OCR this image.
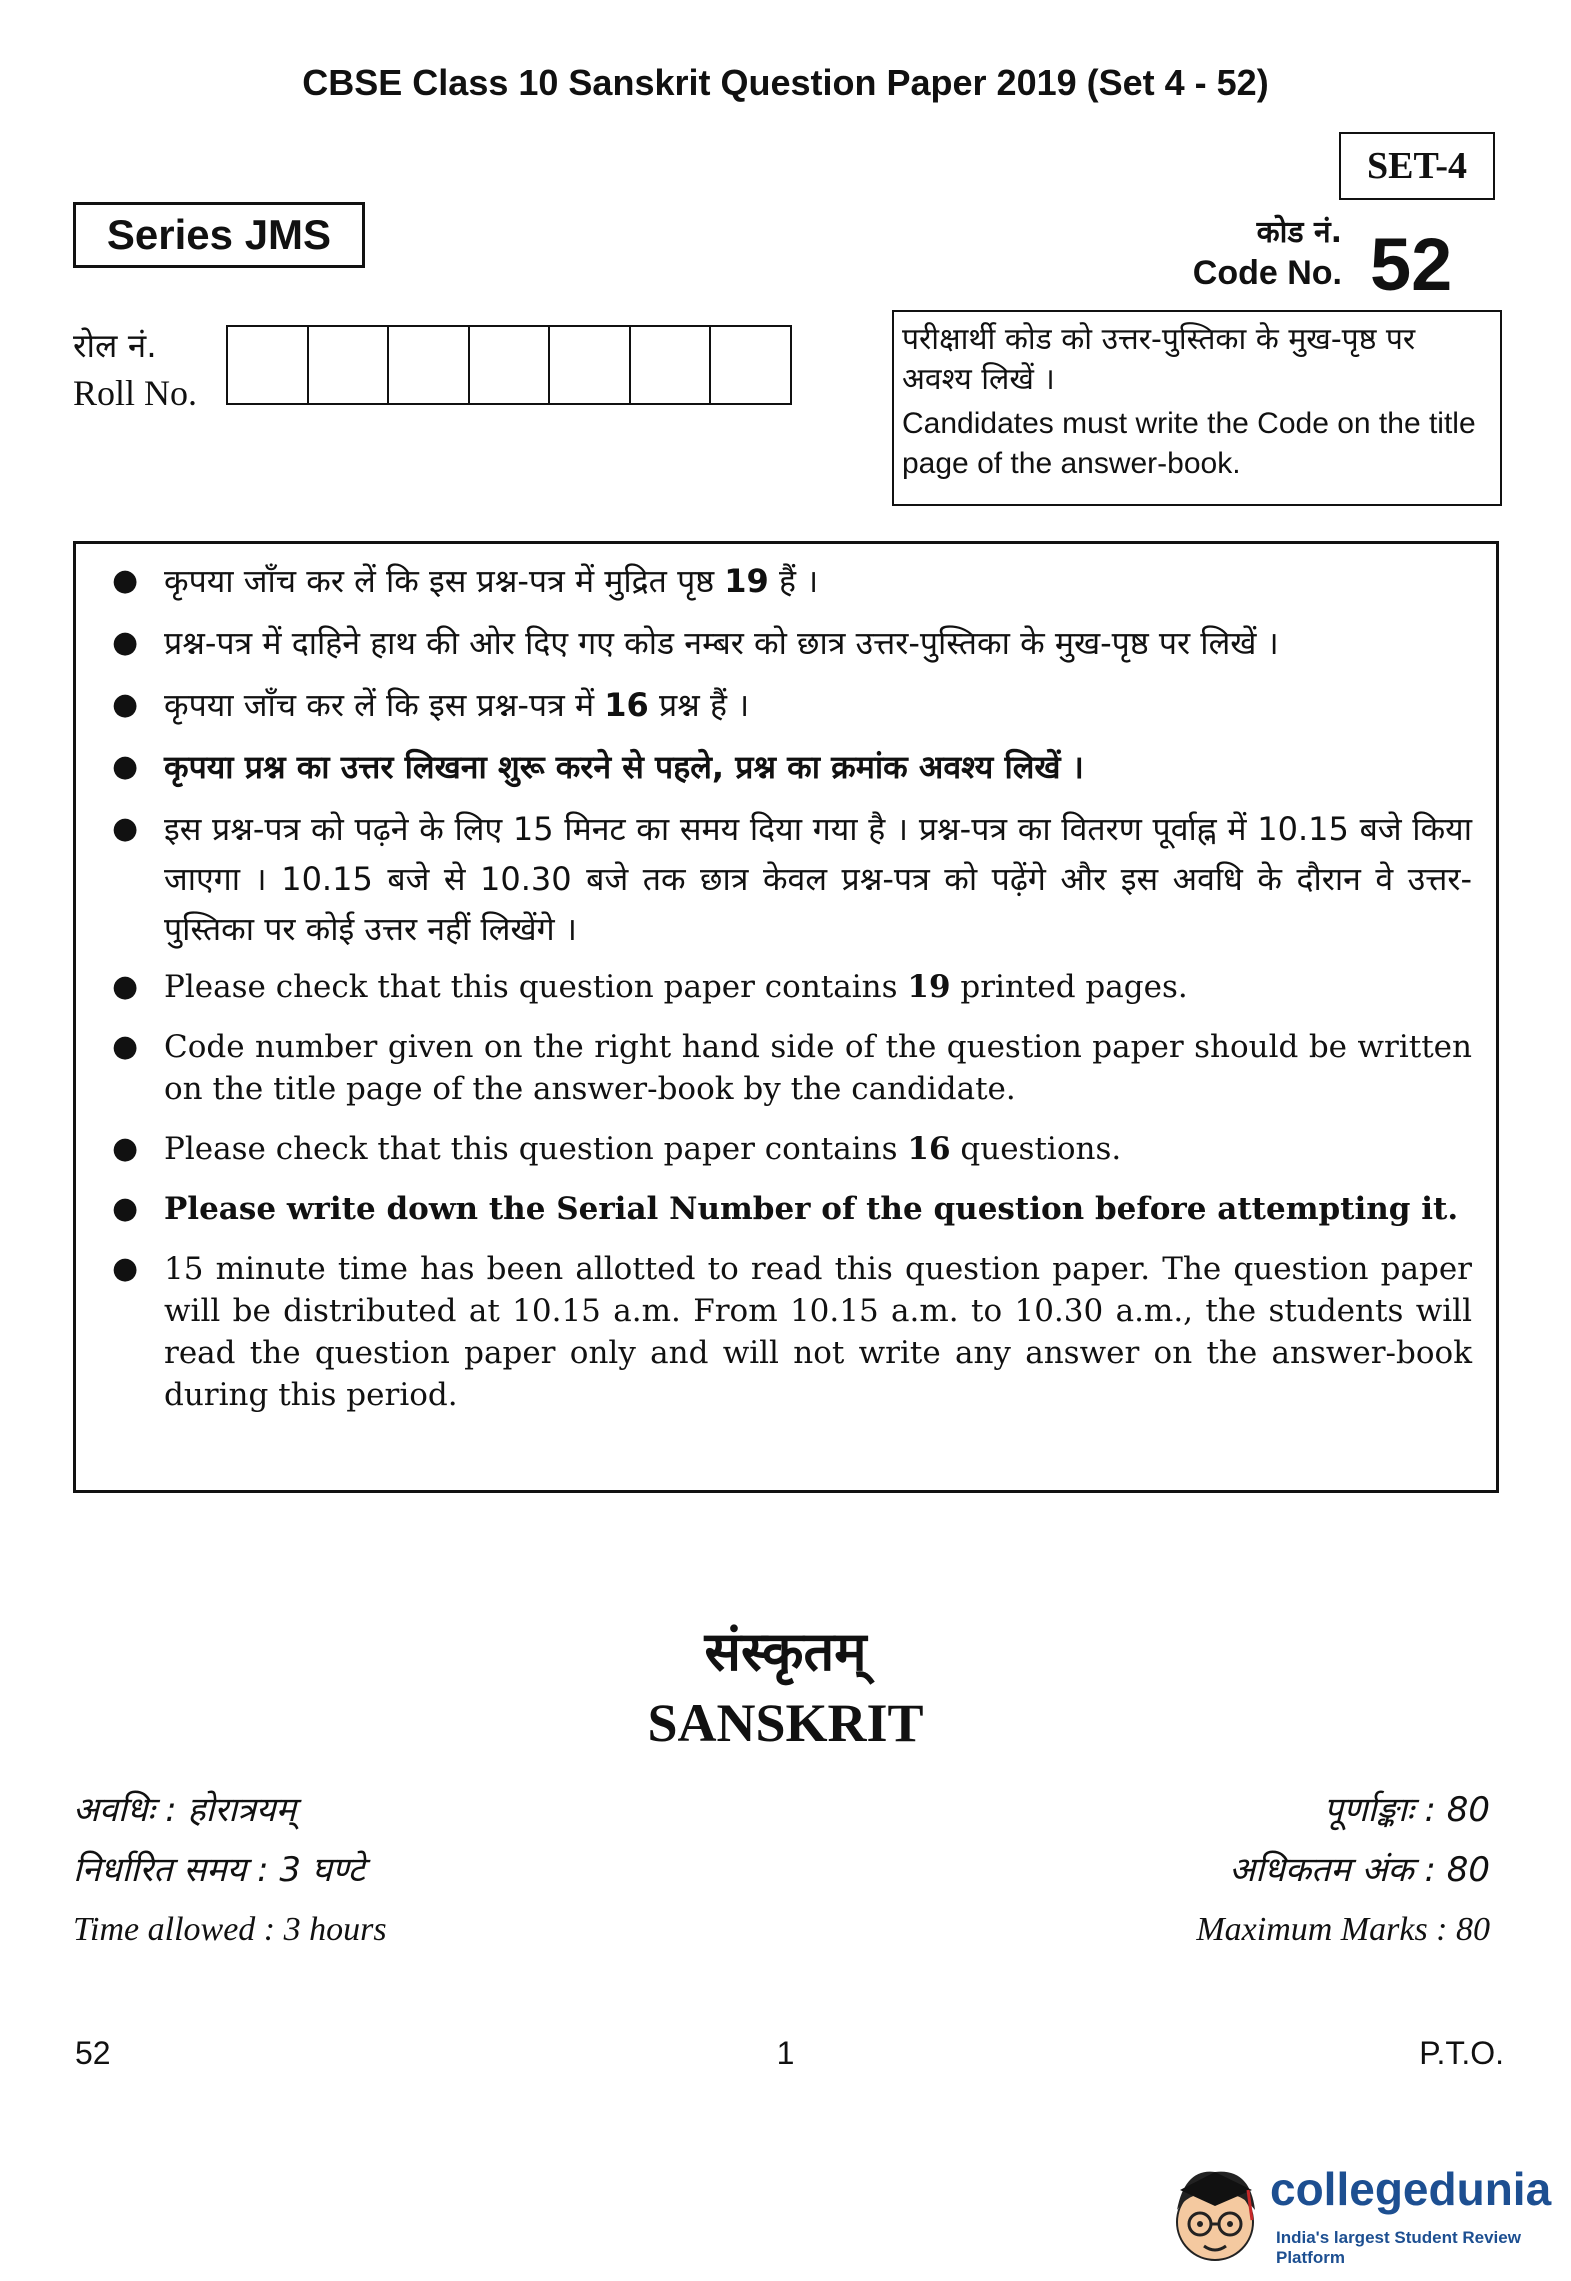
CBSE Class 10 Sanskrit Question Paper 2019 (Set 4 - 52)
SET-4
Series JMS	कोड नं.
Code No. 52
रोल नं.
Roll No.
परीक्षार्थी कोड को उत्तर-पुस्तिका के मुख-पृष्ठ पर अवश्य लिखें ।
Candidates must write the Code on the title page of the answer-book.
● कृपया जाँच कर लें कि इस प्रश्न-पत्र में मुद्रित पृष्ठ 19 हैं ।
● प्रश्न-पत्र में दाहिने हाथ की ओर दिए गए कोड नम्बर को छात्र उत्तर-पुस्तिका के मुख-पृष्ठ पर लिखें ।
● कृपया जाँच कर लें कि इस प्रश्न-पत्र में 16 प्रश्न हैं ।
● कृपया प्रश्न का उत्तर लिखना शुरू करने से पहले, प्रश्न का क्रमांक अवश्य लिखें ।
● इस प्रश्न-पत्र को पढ़ने के लिए 15 मिनट का समय दिया गया है । प्रश्न-पत्र का वितरण पूर्वाह्न में 10.15 बजे किया जाएगा । 10.15 बजे से 10.30 बजे तक छात्र केवल प्रश्न-पत्र को पढ़ेंगे और इस अवधि के दौरान वे उत्तर-पुस्तिका पर कोई उत्तर नहीं लिखेंगे ।
● Please check that this question paper contains 19 printed pages.
● Code number given on the right hand side of the question paper should be written on the title page of the answer-book by the candidate.
● Please check that this question paper contains 16 questions.
● Please write down the Serial Number of the question before attempting it.
● 15 minute time has been allotted to read this question paper. The question paper will be distributed at 10.15 a.m. From 10.15 a.m. to 10.30 a.m., the students will read the question paper only and will not write any answer on the answer-book during this period.
संस्कृतम्
SANSKRIT
अवधिः : होरात्रयम्
निर्धारित समय : 3 घण्टे
Time allowed : 3 hours
पूर्णाङ्काः : 80
अधिकतम अंक : 80
Maximum Marks : 80
52	1	P.T.O.
collegedunia
India's largest Student Review Platform
